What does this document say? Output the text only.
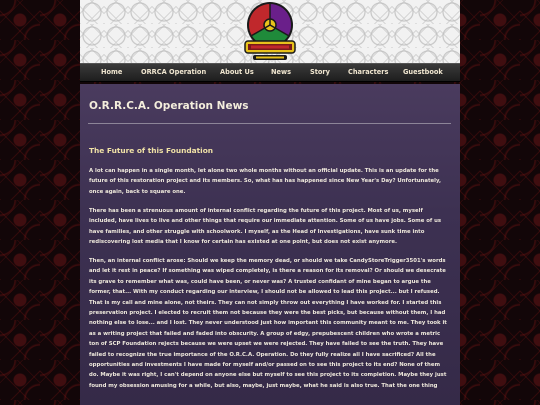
Home	ORRCA Operation About Us	News	Story	Characters Guestbook
O.R.R.C.A. Operation News
The Future of this Foundation

A lot can happen in a single month, let alone two whole months without an official update. This is an update for the future of this restoration project and its members. So, what has has happened since New Year's Day? Unfortunately, once again, back to square one.

There has been a strenuous amount of internal conflict regarding the future of this project. Most of us, myself included, have lives to live and other things that require our immediate attention. Some of us have jobs. Some of us have families, and other struggle with schoolwork. I myself, as the Head of Investigations, have sunk time into rediscovering lost media that I know for certain has existed at one point, but does not exist anymore.

Then, an internal conflict arose: Should we keep the memory dead, or should we take CandyStoreTrigger3501's words and let it rest in peace? If something was wiped completely, is there a reason for its removal? Or should we desecrate its grave to remember what was, could have been, or never was? A trusted confidant of mine began to argue the former, that... With my conduct regarding our interview, I should not be allowed to lead this project... but I refused. That is my call and mine alone, not theirs. They can not simply throw out everything I have worked for. I started this preservation project. I elected to recruit them not because they were the best picks, but because without them, I had nothing else to lose... and I lost. They never understood just how important this community meant to me. They took it as a writing project that failed and faded into obscurity. A group of edgy, prepubescent children who wrote a metric ton of SCP Foundation rejects because we were upset we were rejected. They have failed to see the truth. They have failed to recognize the true importance of the O.R.C.A. Operation. Do they fully realize all I have sacrificed? All the opportunities and investments I have made for myself and/or passed on to see this project to its end? None of them do. Maybe it was right, I can't depend on anyone else but myself to see this project to its completion. Maybe they just found my obsession amusing for a while, but also, maybe, just maybe, what he said is also true. That the one thing
